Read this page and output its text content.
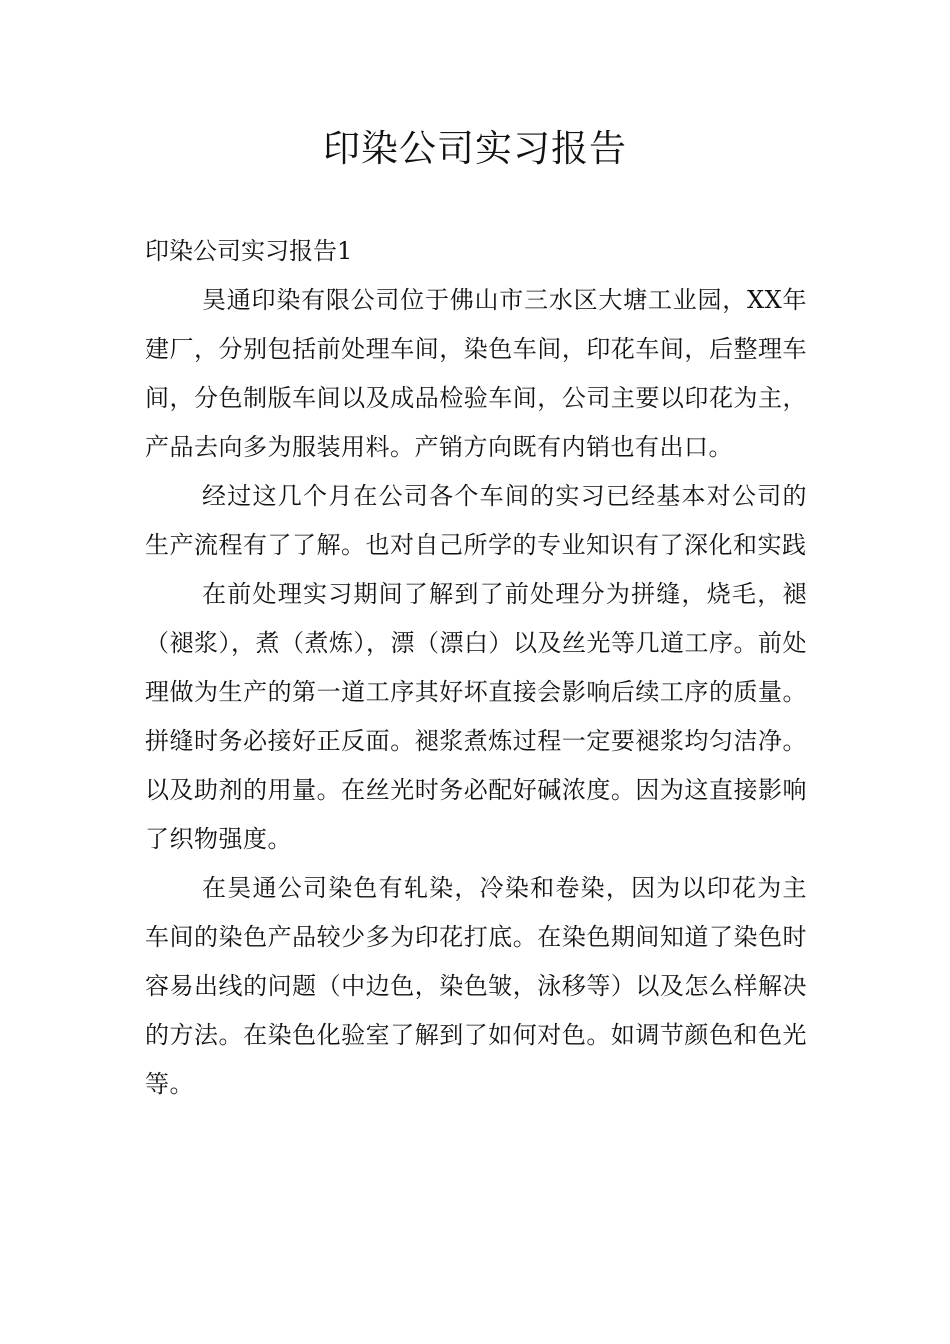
印染公司实习报告

印染公司实习报告1

昊通印染有限公司位于佛山市三水区大塘工业园，XX年建厂，分别包括前处理车间，染色车间，印花车间，后整理车间，分色制版车间以及成品检验车间，公司主要以印花为主，产品去向多为服装用料。产销方向既有内销也有出口。

经过这几个月在公司各个车间的实习已经基本对公司的生产流程有了了解。也对自己所学的专业知识有了深化和实践

在前处理实习期间了解到了前处理分为拼缝，烧毛，褪（褪浆），煮（煮炼），漂（漂白）以及丝光等几道工序。前处理做为生产的第一道工序其好坏直接会影响后续工序的质量。拼缝时务必接好正反面。褪浆煮炼过程一定要褪浆均匀洁净。以及助剂的用量。在丝光时务必配好碱浓度。因为这直接影响了织物强度。

在昊通公司染色有轧染，冷染和卷染，因为以印花为主车间的染色产品较少多为印花打底。在染色期间知道了染色时容易出线的问题（中边色，染色皱，泳移等）以及怎么样解决的方法。在染色化验室了解到了如何对色。如调节颜色和色光等。
